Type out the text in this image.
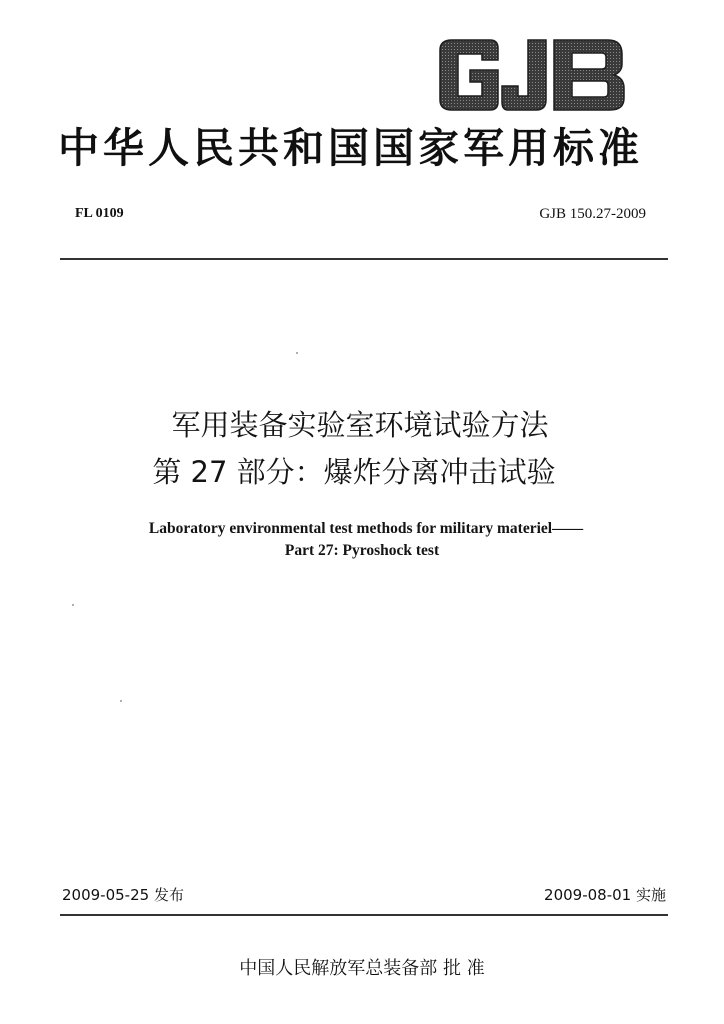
中华人民共和国国家军用标准
FL 0109	GJB 150.27-2009
军用装备实验室环境试验方法
第 27 部分：爆炸分离冲击试验
Laboratory environmental test methods for military materiel——
Part 27: Pyroshock test
2009-05-25 发布	2009-08-01 实施
中国人民解放军总装备部 批 准
